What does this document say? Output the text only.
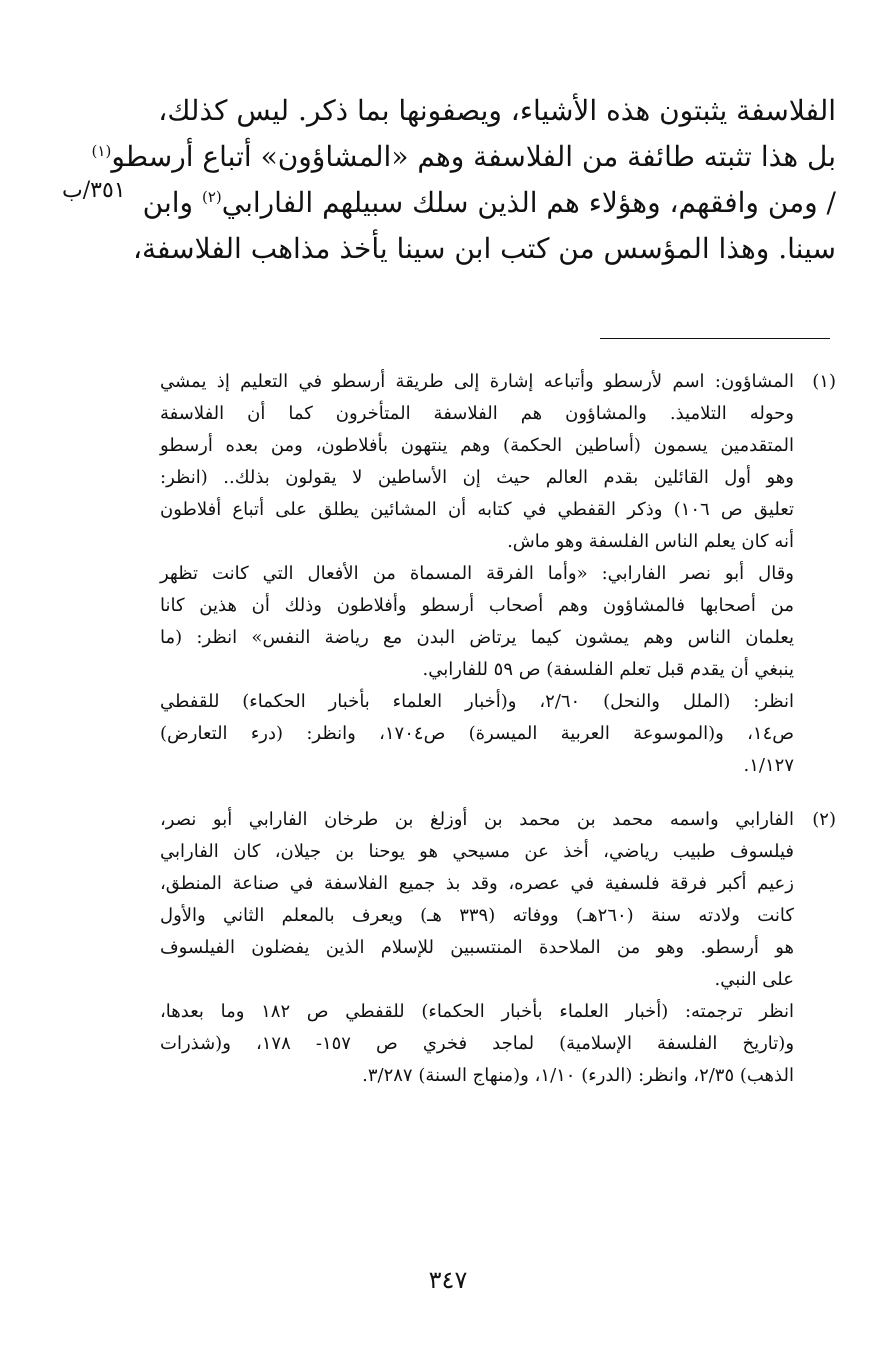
الفلاسفة يثبتون هذه الأشياء، ويصفونها بما ذكر. ليس كذلك،
بل هذا تثبته طائفة من الفلاسفة وهم «المشاؤون» أتباع أرسطو$^{(١)}$
/ ومن وافقهم، وهؤلاء هم الذين سلك سبيلهم الفارابي$^{(٢)}$ وابن
سينا. وهذا المؤسس من كتب ابن سينا يأخذ مذاهب الفلاسفة،
٣٥١/ب
(١)
المشاؤون: اسم لأرسطو وأتباعه إشارة إلى طريقة أرسطو في التعليم إذ يمشي
وحوله التلاميذ. والمشاؤون هم الفلاسفة المتأخرون كما أن الفلاسفة
المتقدمين يسمون (أساطين الحكمة) وهم ينتهون بأفلاطون، ومن بعده أرسطو
وهو أول القائلين بقدم العالم حيث إن الأساطين لا يقولون بذلك.. (انظر:
تعليق ص ١٠٦) وذكر القفطي في كتابه أن المشائين يطلق على أتباع أفلاطون
أنه كان يعلم الناس الفلسفة وهو ماش.
وقال أبو نصر الفارابي: «وأما الفرقة المسماة من الأفعال التي كانت تظهر
من أصحابها فالمشاؤون وهم أصحاب أرسطو وأفلاطون وذلك أن هذين كانا
يعلمان الناس وهم يمشون كيما يرتاض البدن مع رياضة النفس» انظر: (ما
ينبغي أن يقدم قبل تعلم الفلسفة) ص ٥٩ للفارابي.
انظر: (الملل والنحل) ٢/٦٠، و(أخبار العلماء بأخبار الحكماء) للقفطي
ص١٤، و(الموسوعة العربية الميسرة) ص١٧٠٤، وانظر: (درء التعارض)
١/١٢٧.
(٢)
الفارابي واسمه محمد بن محمد بن أوزلغ بن طرخان الفارابي أبو نصر،
فيلسوف طبيب رياضي، أخذ عن مسيحي هو يوحنا بن جيلان، كان الفارابي
زعيم أكبر فرقة فلسفية في عصره، وقد بذ جميع الفلاسفة في صناعة المنطق،
كانت ولادته سنة (٢٦٠هـ) ووفاته (٣٣٩ هـ) ويعرف بالمعلم الثاني والأول
هو أرسطو. وهو من الملاحدة المنتسبين للإسلام الذين يفضلون الفيلسوف
على النبي.
انظر ترجمته: (أخبار العلماء بأخبار الحكماء) للقفطي ص ١٨٢ وما بعدها،
و(تاريخ الفلسفة الإسلامية) لماجد فخري ص ١٥٧- ١٧٨، و(شذرات
الذهب) ٢/٣٥، وانظر: (الدرء) ١/١٠، و(منهاج السنة) ٣/٢٨٧.
٣٤٧
